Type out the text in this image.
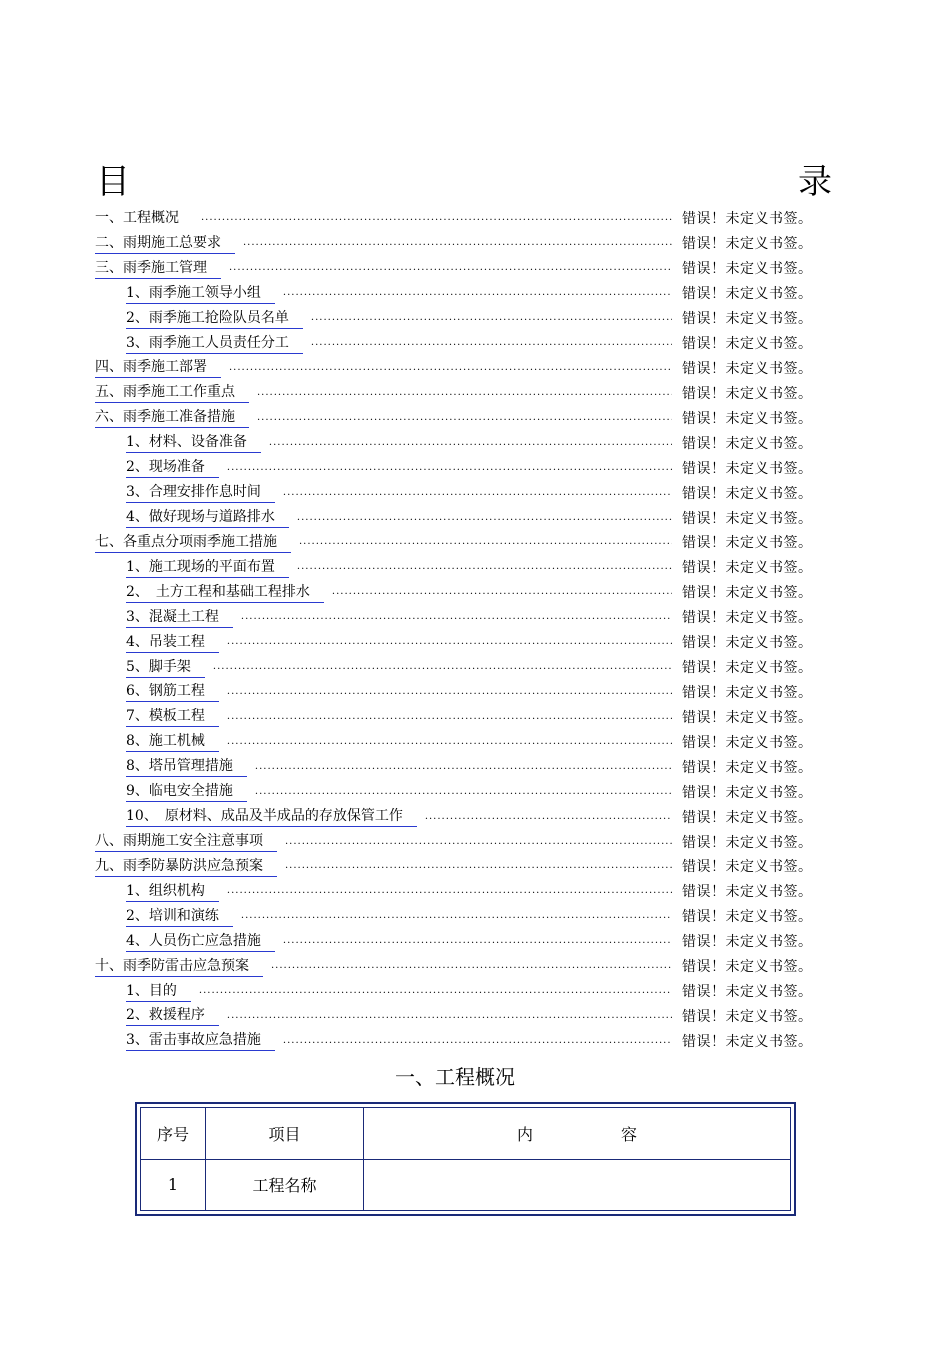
目	录
一、工程概况 .....	错误！未定义书签。
二、雨期施工总要求 .....	错误！未定义书签。
三、雨季施工管理 .....	错误！未定义书签。
1、雨季施工领导小组 .....	错误！未定义书签。
2、雨季施工抢险队员名单 .....	错误！未定义书签。
3、雨季施工人员责任分工 .....	错误！未定义书签。
四、雨季施工部署 .....	错误！未定义书签。
五、雨季施工工作重点 .....	错误！未定义书签。
六、雨季施工准备措施 .....	错误！未定义书签。
1、材料、设备准备 .....	错误！未定义书签。
2、现场准备 .....	错误！未定义书签。
3、合理安排作息时间 .....	错误！未定义书签。
4、做好现场与道路排水 .....	错误！未定义书签。
七、各重点分项雨季施工措施 .....	错误！未定义书签。
1、施工现场的平面布置 .....	错误！未定义书签。
2、　土方工程和基础工程排水 .....	错误！未定义书签。
3、混凝土工程 .....	错误！未定义书签。
4、吊装工程 .....	错误！未定义书签。
5、脚手架 .....	错误！未定义书签。
6、钢筋工程 .....	错误！未定义书签。
7、模板工程 .....	错误！未定义书签。
8、施工机械 .....	错误！未定义书签。
8、塔吊管理措施 .....	错误！未定义书签。
9、临电安全措施 .....	错误！未定义书签。
10、　原材料、成品及半成品的存放保管工作 .....	错误！未定义书签。
八、雨期施工安全注意事项 .....	错误！未定义书签。
九、雨季防暴防洪应急预案 .....	错误！未定义书签。
1、组织机构 .....	错误！未定义书签。
2、培训和演练 .....	错误！未定义书签。
4、人员伤亡应急措施 .....	错误！未定义书签。
十、雨季防雷击应急预案 .....	错误！未定义书签。
1、目的 .....	错误！未定义书签。
2、救援程序 .....	错误！未定义书签。
3、雷击事故应急措施 .....	错误！未定义书签。
一、工程概况
序号	项目	内 容
1	工程名称	
